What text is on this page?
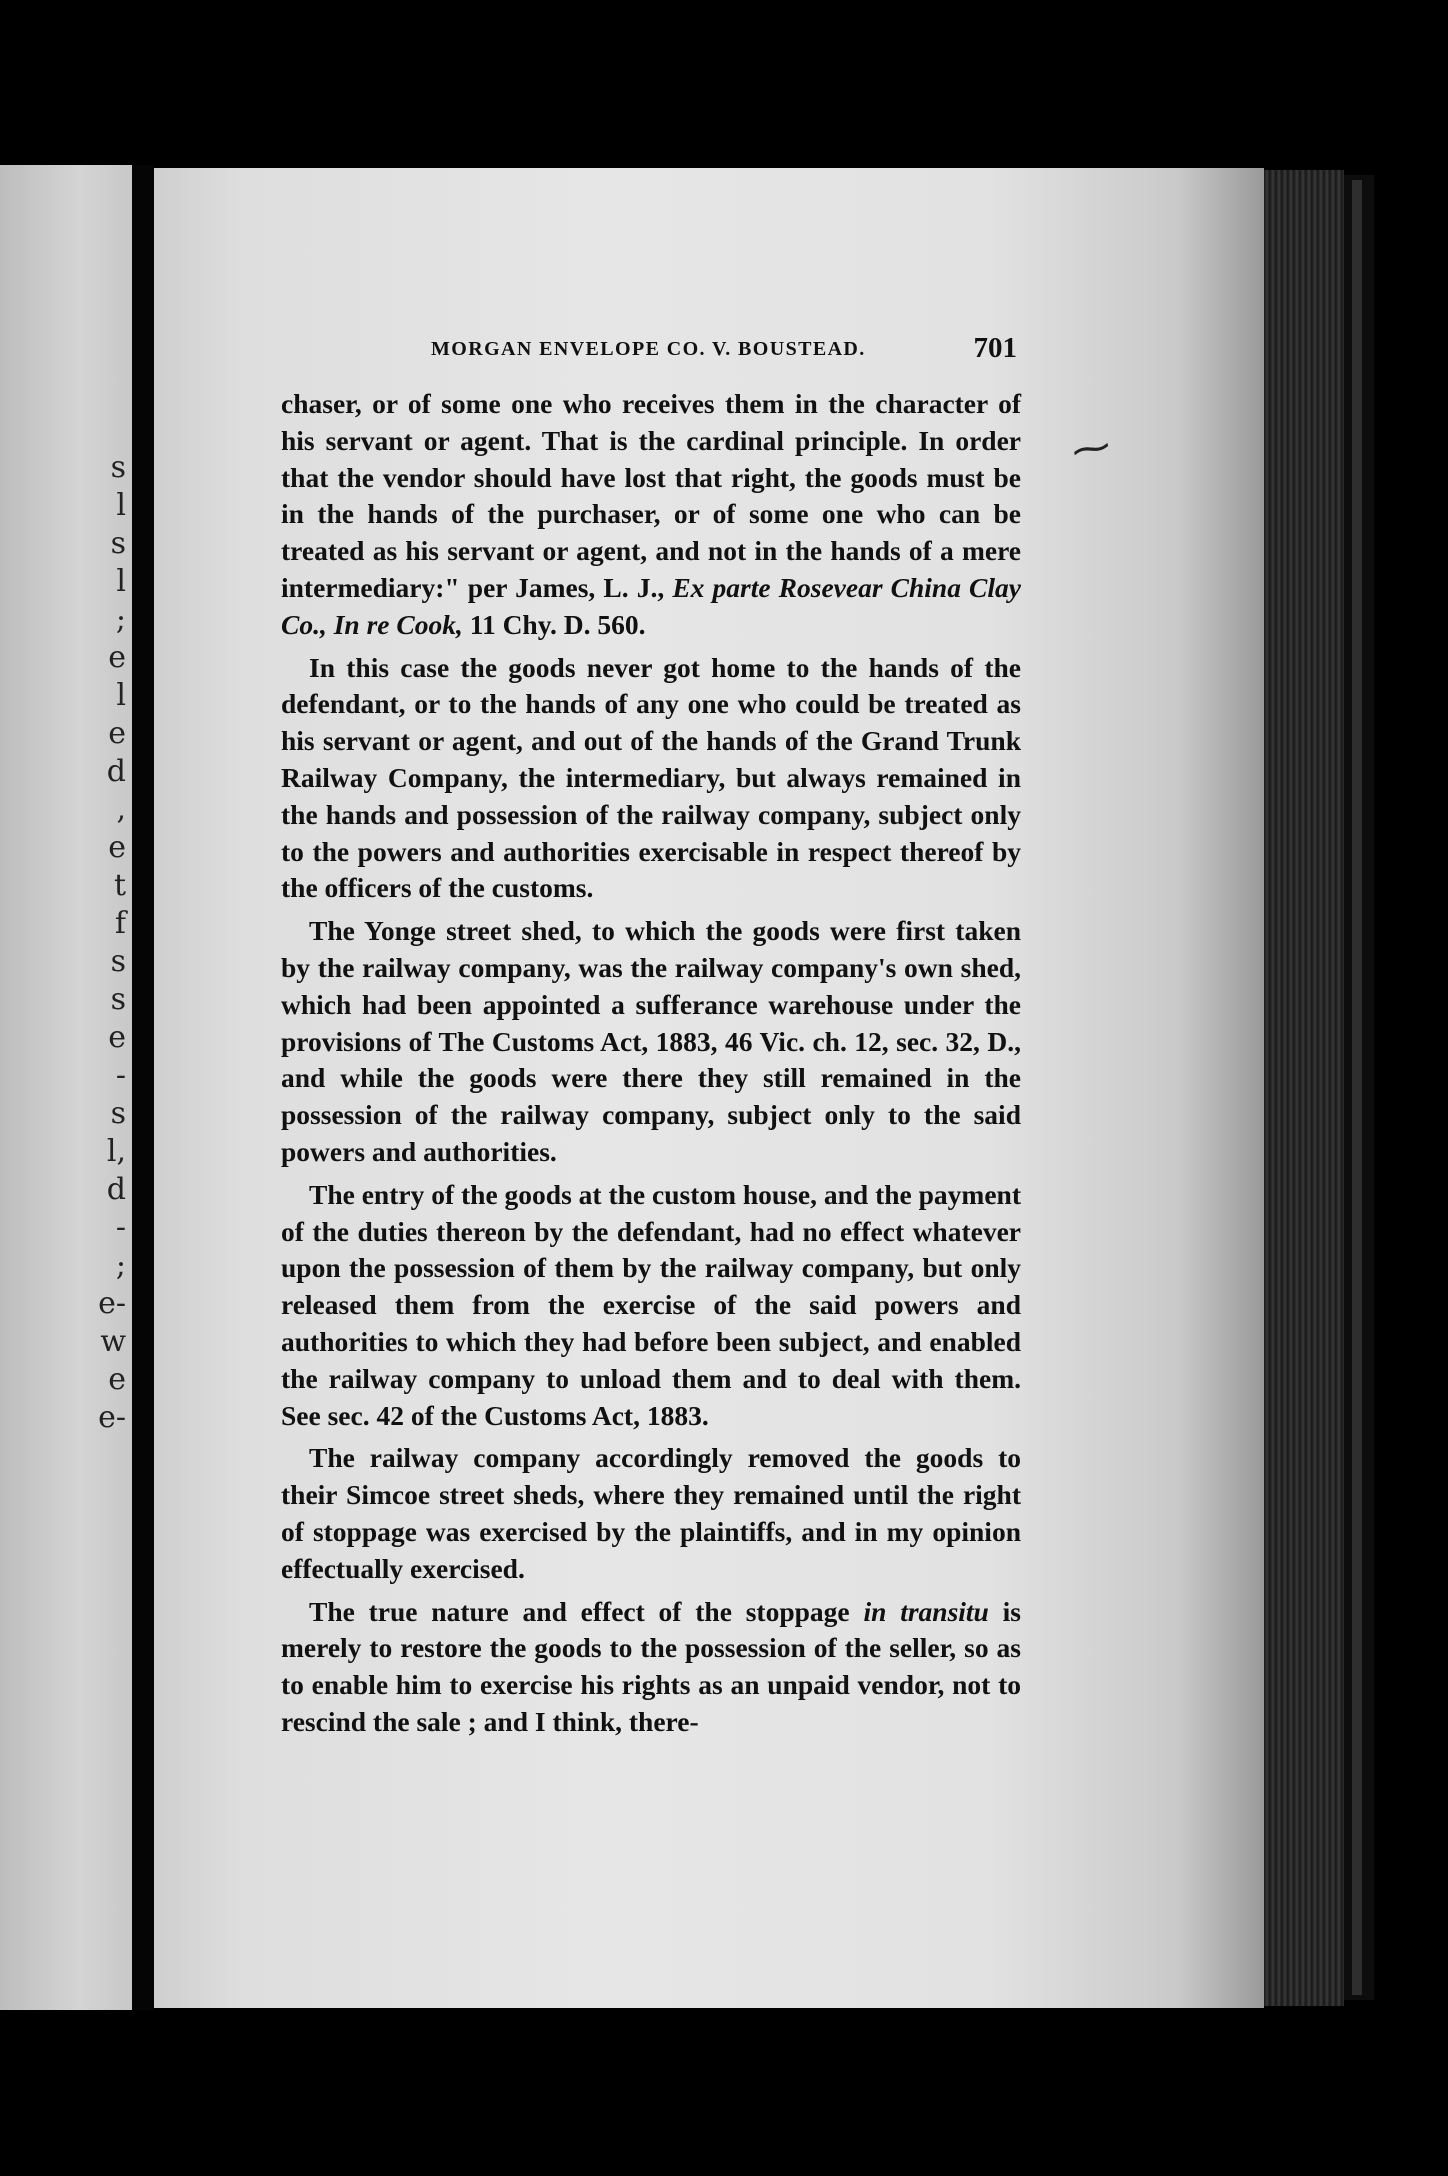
s
l
s
l
;
e
l
e
d
,
e
t
f
s
s
e
-
s
l,
d
-
;
e-
w
e
e-
MORGAN ENVELOPE CO. V. BOUSTEAD.	701

chaser, or of some one who receives them in the character of his servant or agent. That is the cardinal principle. In order that the vendor should have lost that right, the goods must be in the hands of the purchaser, or of some one who can be treated as his servant or agent, and not in the hands of a mere intermediary:" per James, L. J., Ex parte Rosevear China Clay Co., In re Cook, 11 Chy. D. 560.

In this case the goods never got home to the hands of the defendant, or to the hands of any one who could be treated as his servant or agent, and out of the hands of the Grand Trunk Railway Company, the intermediary, but always remained in the hands and possession of the railway company, subject only to the powers and authorities exercisable in respect thereof by the officers of the customs.

The Yonge street shed, to which the goods were first taken by the railway company, was the railway company's own shed, which had been appointed a sufferance warehouse under the provisions of The Customs Act, 1883, 46 Vic. ch. 12, sec. 32, D., and while the goods were there they still remained in the possession of the railway company, subject only to the said powers and authorities.

The entry of the goods at the custom house, and the payment of the duties thereon by the defendant, had no effect whatever upon the possession of them by the railway company, but only released them from the exercise of the said powers and authorities to which they had before been subject, and enabled the railway company to unload them and to deal with them. See sec. 42 of the Customs Act, 1883.

The railway company accordingly removed the goods to their Simcoe street sheds, where they remained until the right of stoppage was exercised by the plaintiffs, and in my opinion effectually exercised.

The true nature and effect of the stoppage in transitu is merely to restore the goods to the possession of the seller, so as to enable him to exercise his rights as an unpaid vendor, not to rescind the sale ; and I think, there-

⁓
